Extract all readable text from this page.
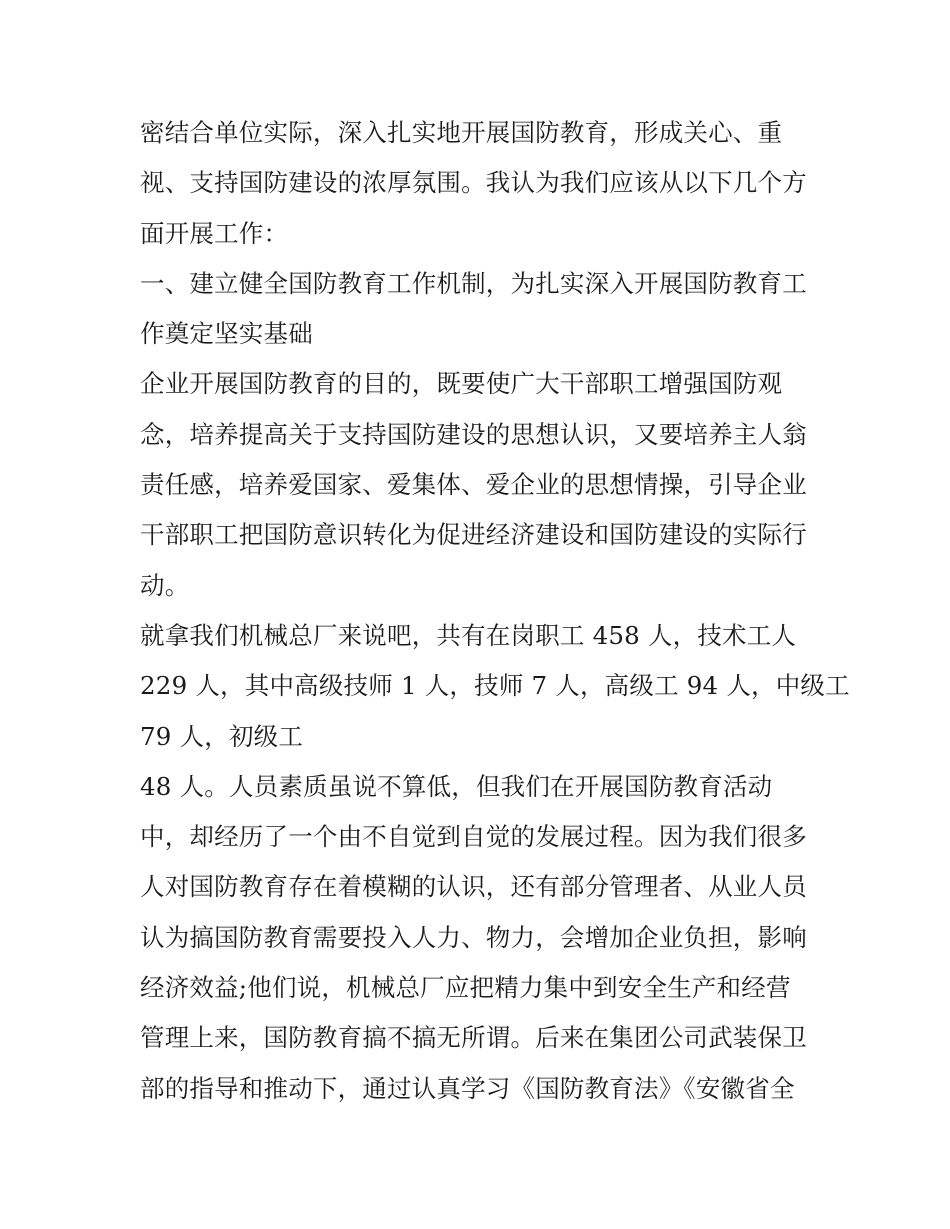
密结合单位实际，深入扎实地开展国防教育，形成关心、重
视、支持国防建设的浓厚氛围。我认为我们应该从以下几个方
面开展工作：
一、建立健全国防教育工作机制，为扎实深入开展国防教育工
作奠定坚实基础
企业开展国防教育的目的，既要使广大干部职工增强国防观
念，培养提高关于支持国防建设的思想认识，又要培养主人翁
责任感，培养爱国家、爱集体、爱企业的思想情操，引导企业
干部职工把国防意识转化为促进经济建设和国防建设的实际行
动。
就拿我们机械总厂来说吧，共有在岗职工 458 人，技术工人
229 人，其中高级技师 1 人，技师 7 人，高级工 94 人，中级工
79 人，初级工
48 人。人员素质虽说不算低，但我们在开展国防教育活动
中，却经历了一个由不自觉到自觉的发展过程。因为我们很多
人对国防教育存在着模糊的认识，还有部分管理者、从业人员
认为搞国防教育需要投入人力、物力，会增加企业负担，影响
经济效益;他们说，机械总厂应把精力集中到安全生产和经营
管理上来，国防教育搞不搞无所谓。后来在集团公司武装保卫
部的指导和推动下，通过认真学习《国防教育法》《安徽省全
